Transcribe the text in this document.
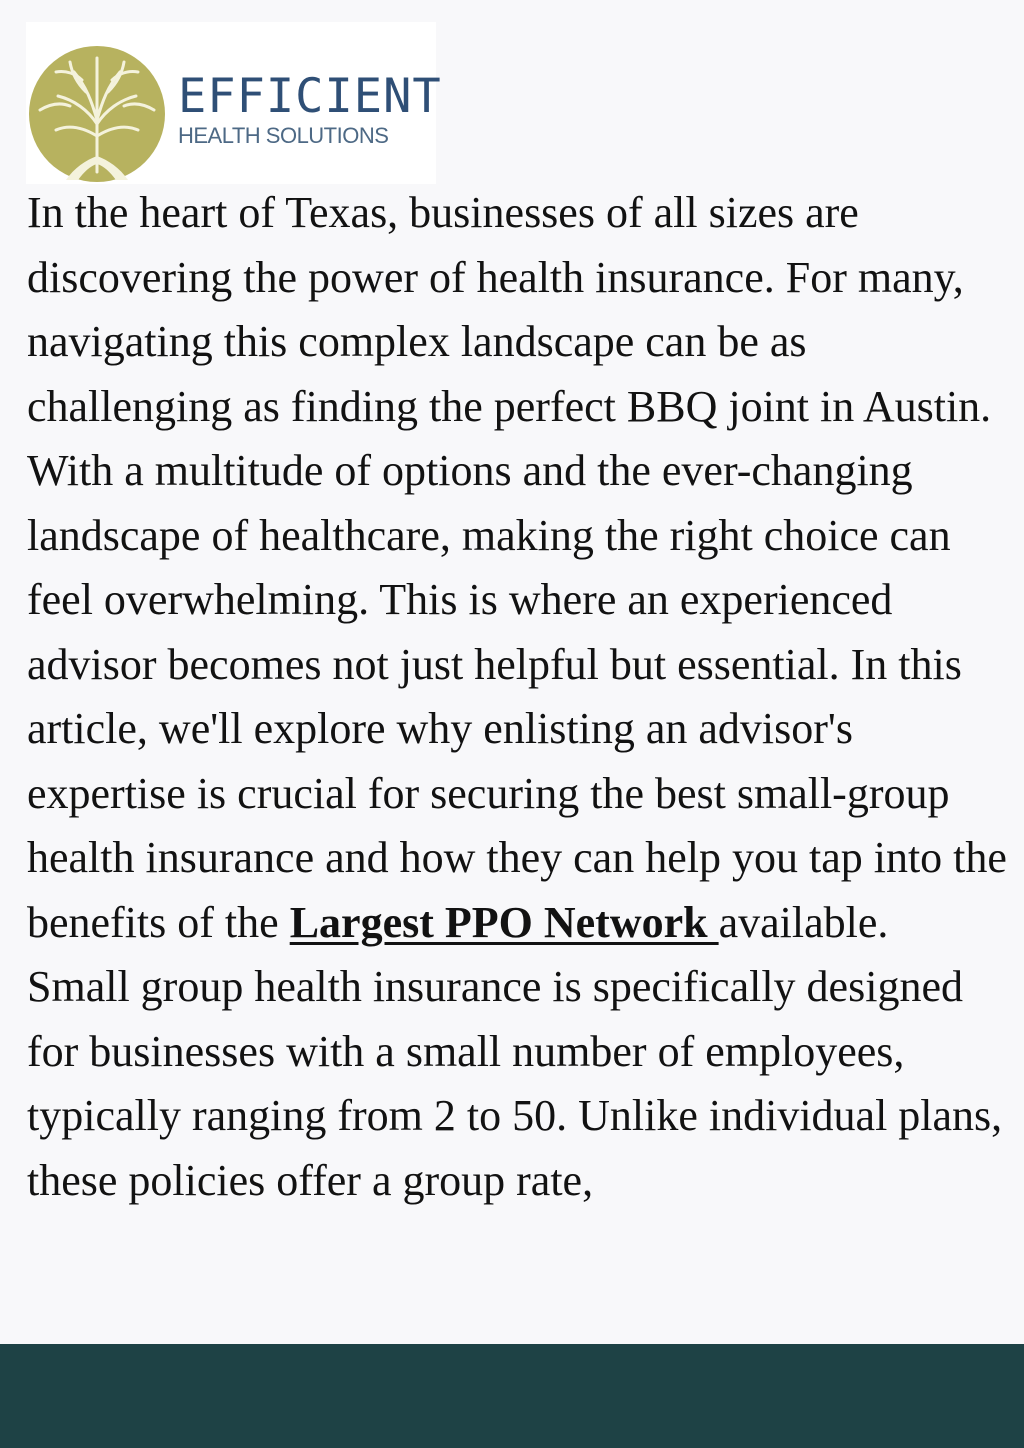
EFFICIENT
HEALTH SOLUTIONS

In the heart of Texas, businesses of all sizes are discovering the power of health insurance. For many, navigating this complex landscape can be as challenging as finding the perfect BBQ joint in Austin. With a multitude of options and the ever-changing landscape of healthcare, making the right choice can feel overwhelming. This is where an experienced advisor becomes not just helpful but essential. In this article, we'll explore why enlisting an advisor's expertise is crucial for securing the best small-group health insurance and how they can help you tap into the benefits of the Largest PPO Network available.

Small group health insurance is specifically designed for businesses with a small number of employees, typically ranging from 2 to 50. Unlike individual plans, these policies offer a group rate,
